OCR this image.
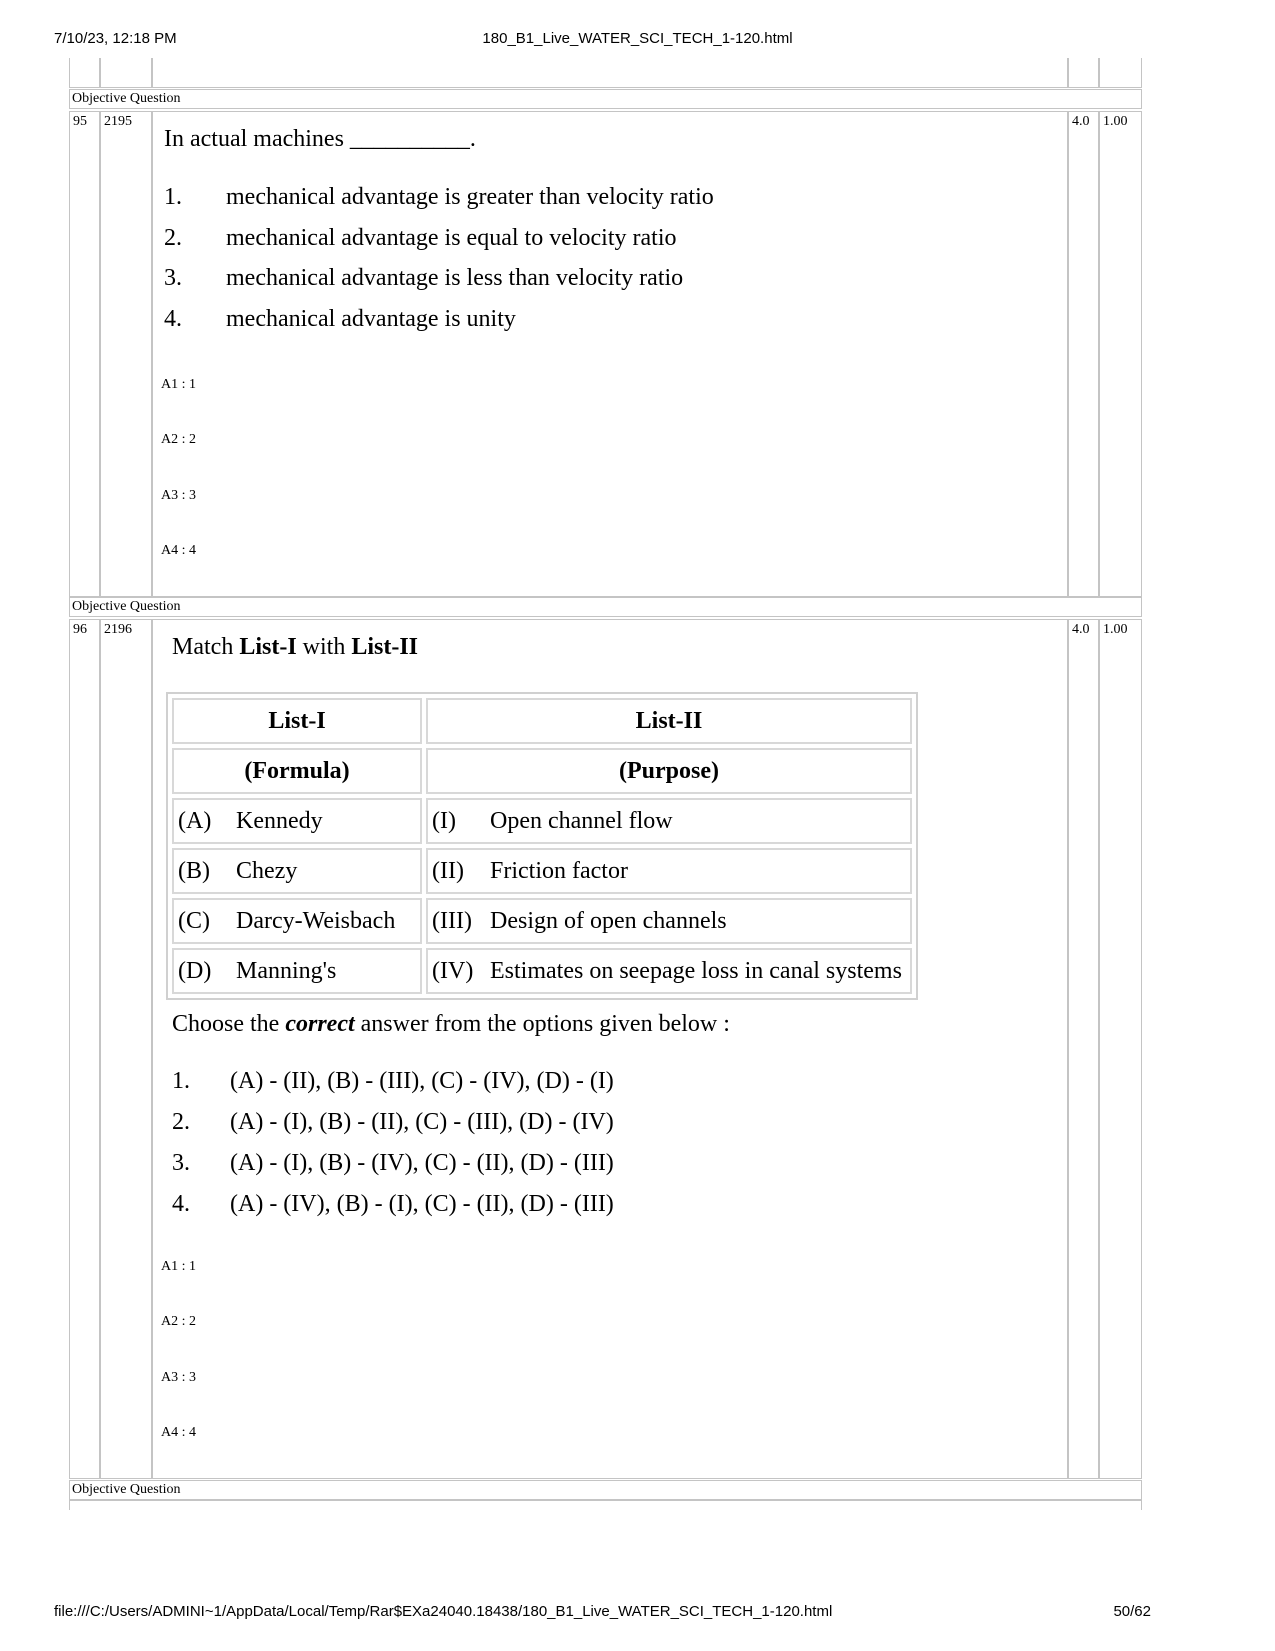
7/10/23, 12:18 PM	180_B1_Live_WATER_SCI_TECH_1-120.html
Objective Question
95 2195	4.0 1.00
In actual machines __________.
1. mechanical advantage is greater than velocity ratio
2. mechanical advantage is equal to velocity ratio
3. mechanical advantage is less than velocity ratio
4. mechanical advantage is unity
A1 : 1
A2 : 2
A3 : 3
A4 : 4
Objective Question
96 2196	4.0 1.00
Match List-I with List-II
List-I	List-II
(Formula)	(Purpose)
(A) Kennedy	(I) Open channel flow
(B) Chezy	(II) Friction factor
(C) Darcy-Weisbach	(III) Design of open channels
(D) Manning's	(IV) Estimates on seepage loss in canal systems
Choose the correct answer from the options given below :
1. (A) - (II), (B) - (III), (C) - (IV), (D) - (I)
2. (A) - (I), (B) - (II), (C) - (III), (D) - (IV)
3. (A) - (I), (B) - (IV), (C) - (II), (D) - (III)
4. (A) - (IV), (B) - (I), (C) - (II), (D) - (III)
A1 : 1
A2 : 2
A3 : 3
A4 : 4
Objective Question
file:///C:/Users/ADMINI~1/AppData/Local/Temp/Rar$EXa24040.18438/180_B1_Live_WATER_SCI_TECH_1-120.html	50/62
